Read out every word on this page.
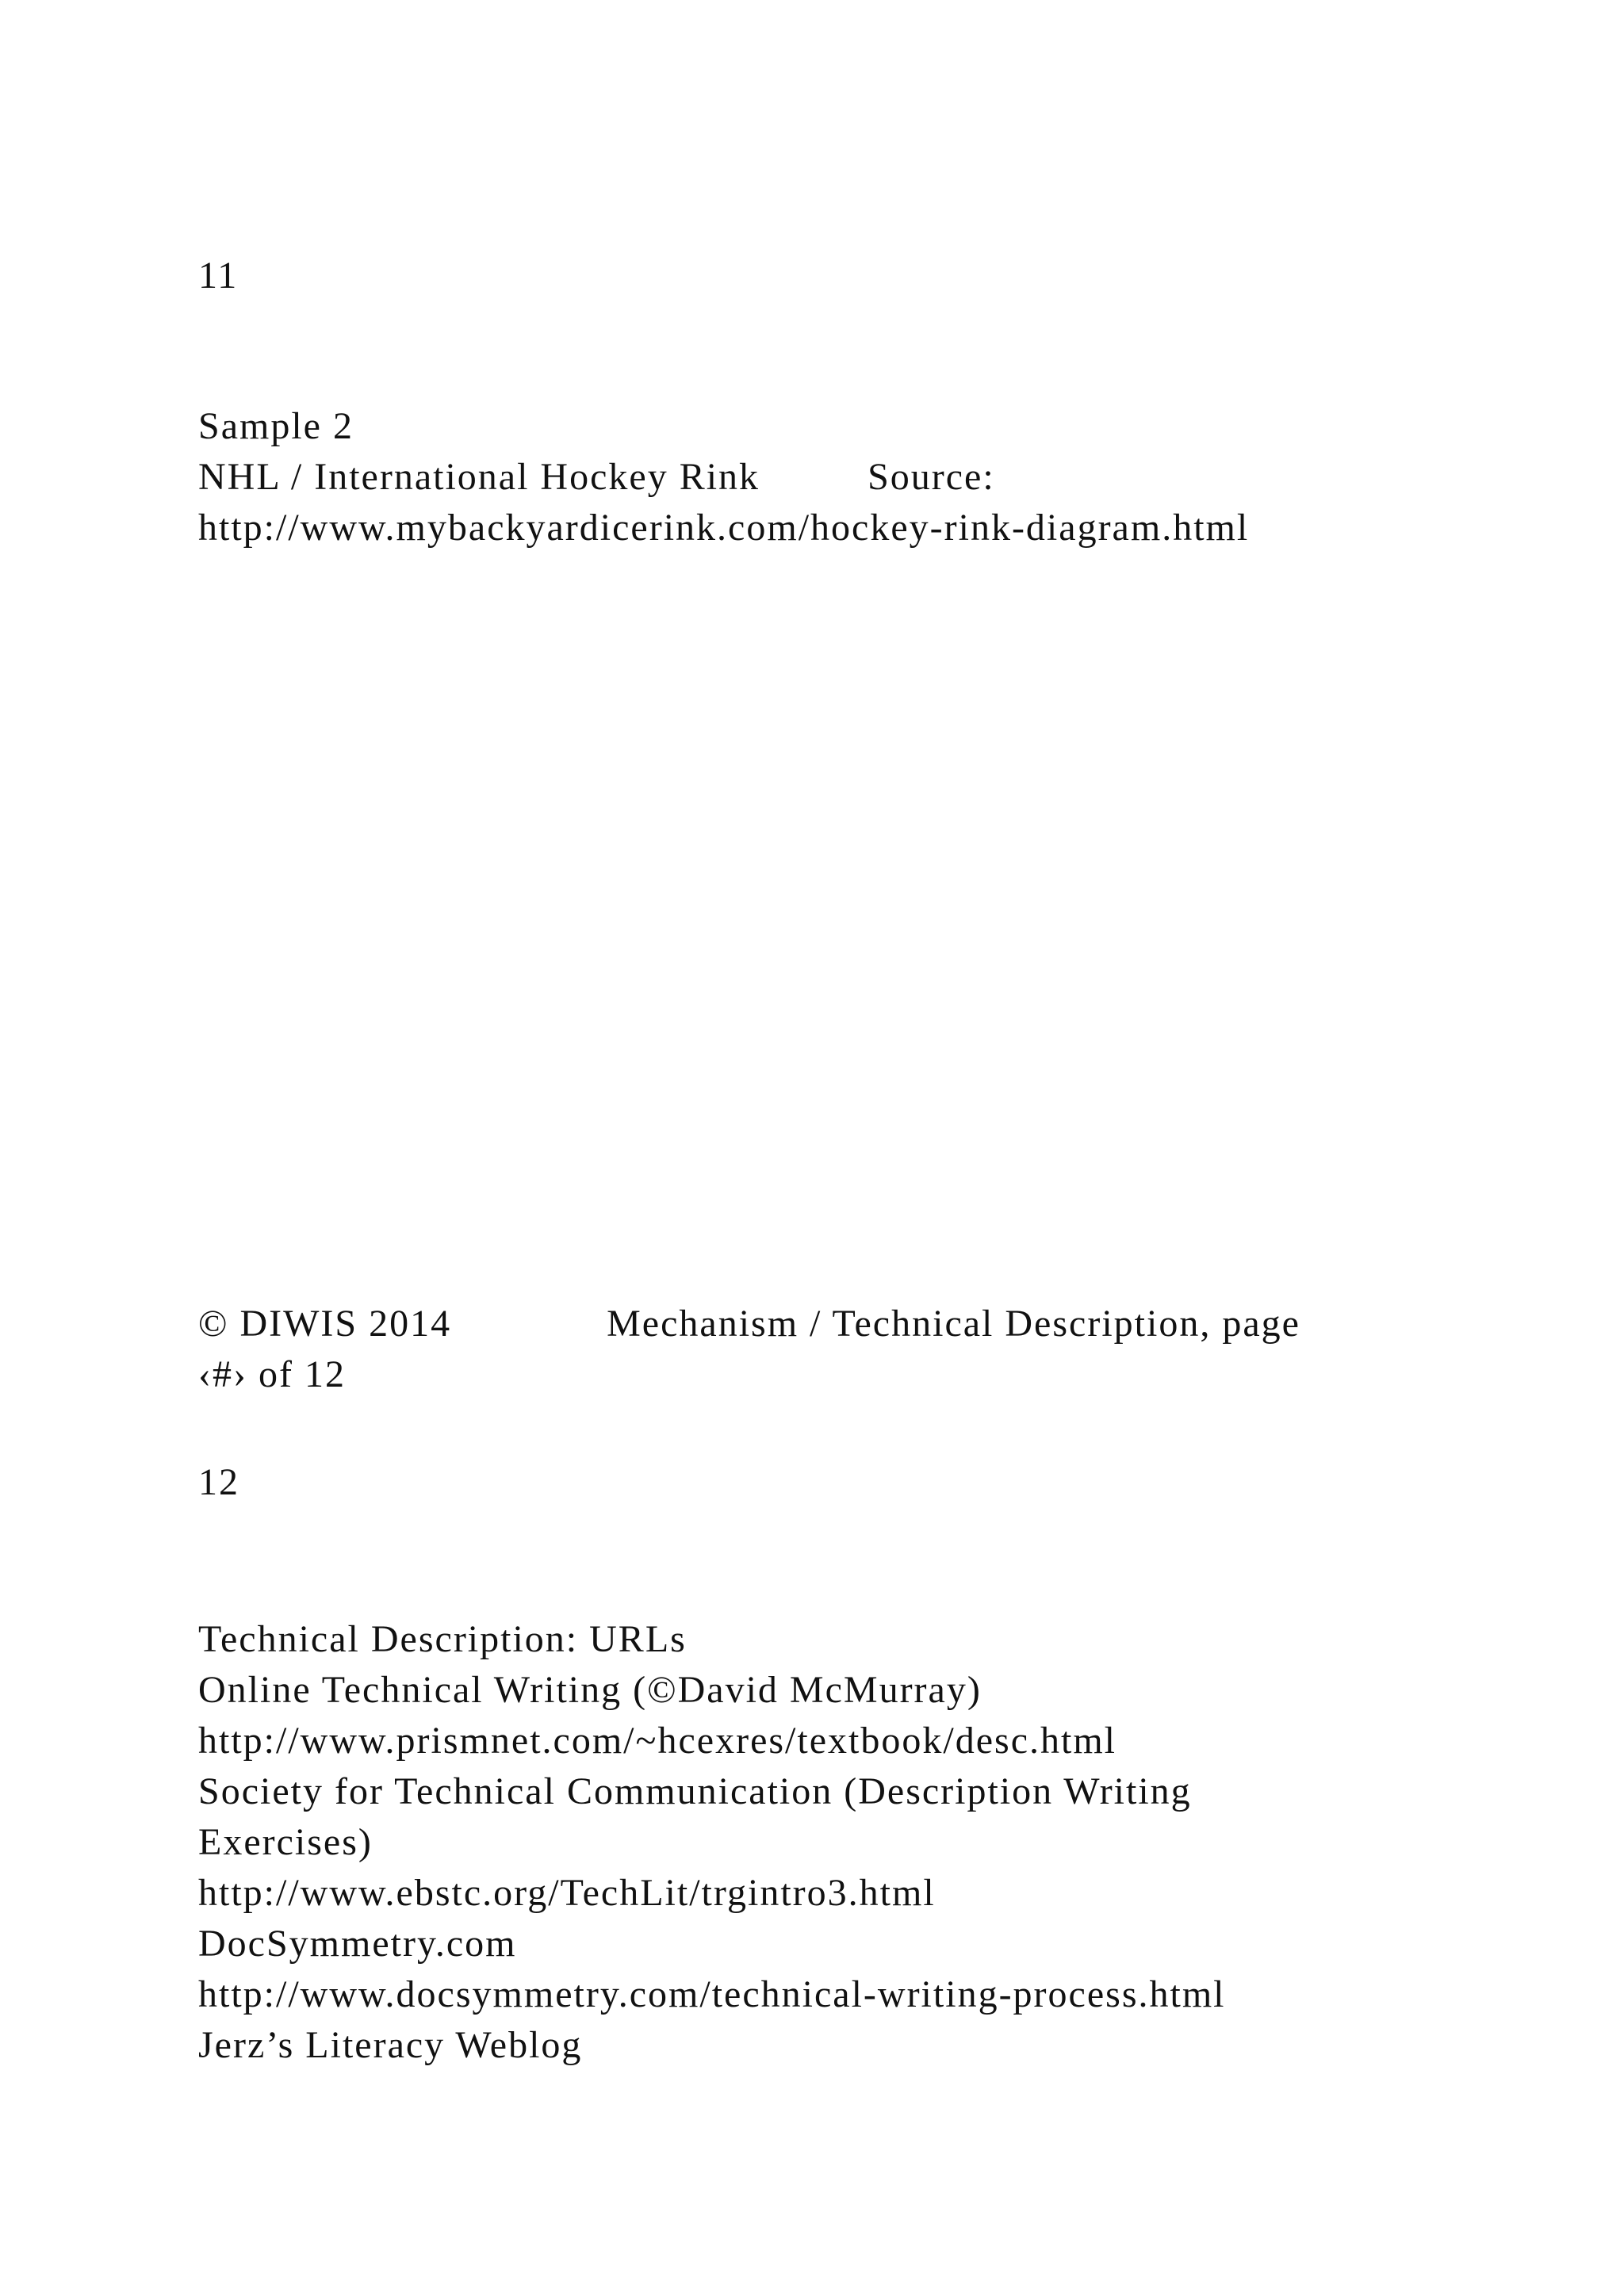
11

Sample 2

NHL / International Hockey Rink	Source:

http://www.mybackyardicerink.com/hockey-rink-diagram.html

© DIWIS 2014	Mechanism / Technical Description, page

‹#› of 12

12

Technical Description: URLs

Online Technical Writing (©David McMurray)

http://www.prismnet.com/~hcexres/textbook/desc.html

Society for Technical Communication (Description Writing

Exercises)

http://www.ebstc.org/TechLit/trgintro3.html

DocSymmetry.com

http://www.docsymmetry.com/technical-writing-process.html

Jerz’s Literacy Weblog
